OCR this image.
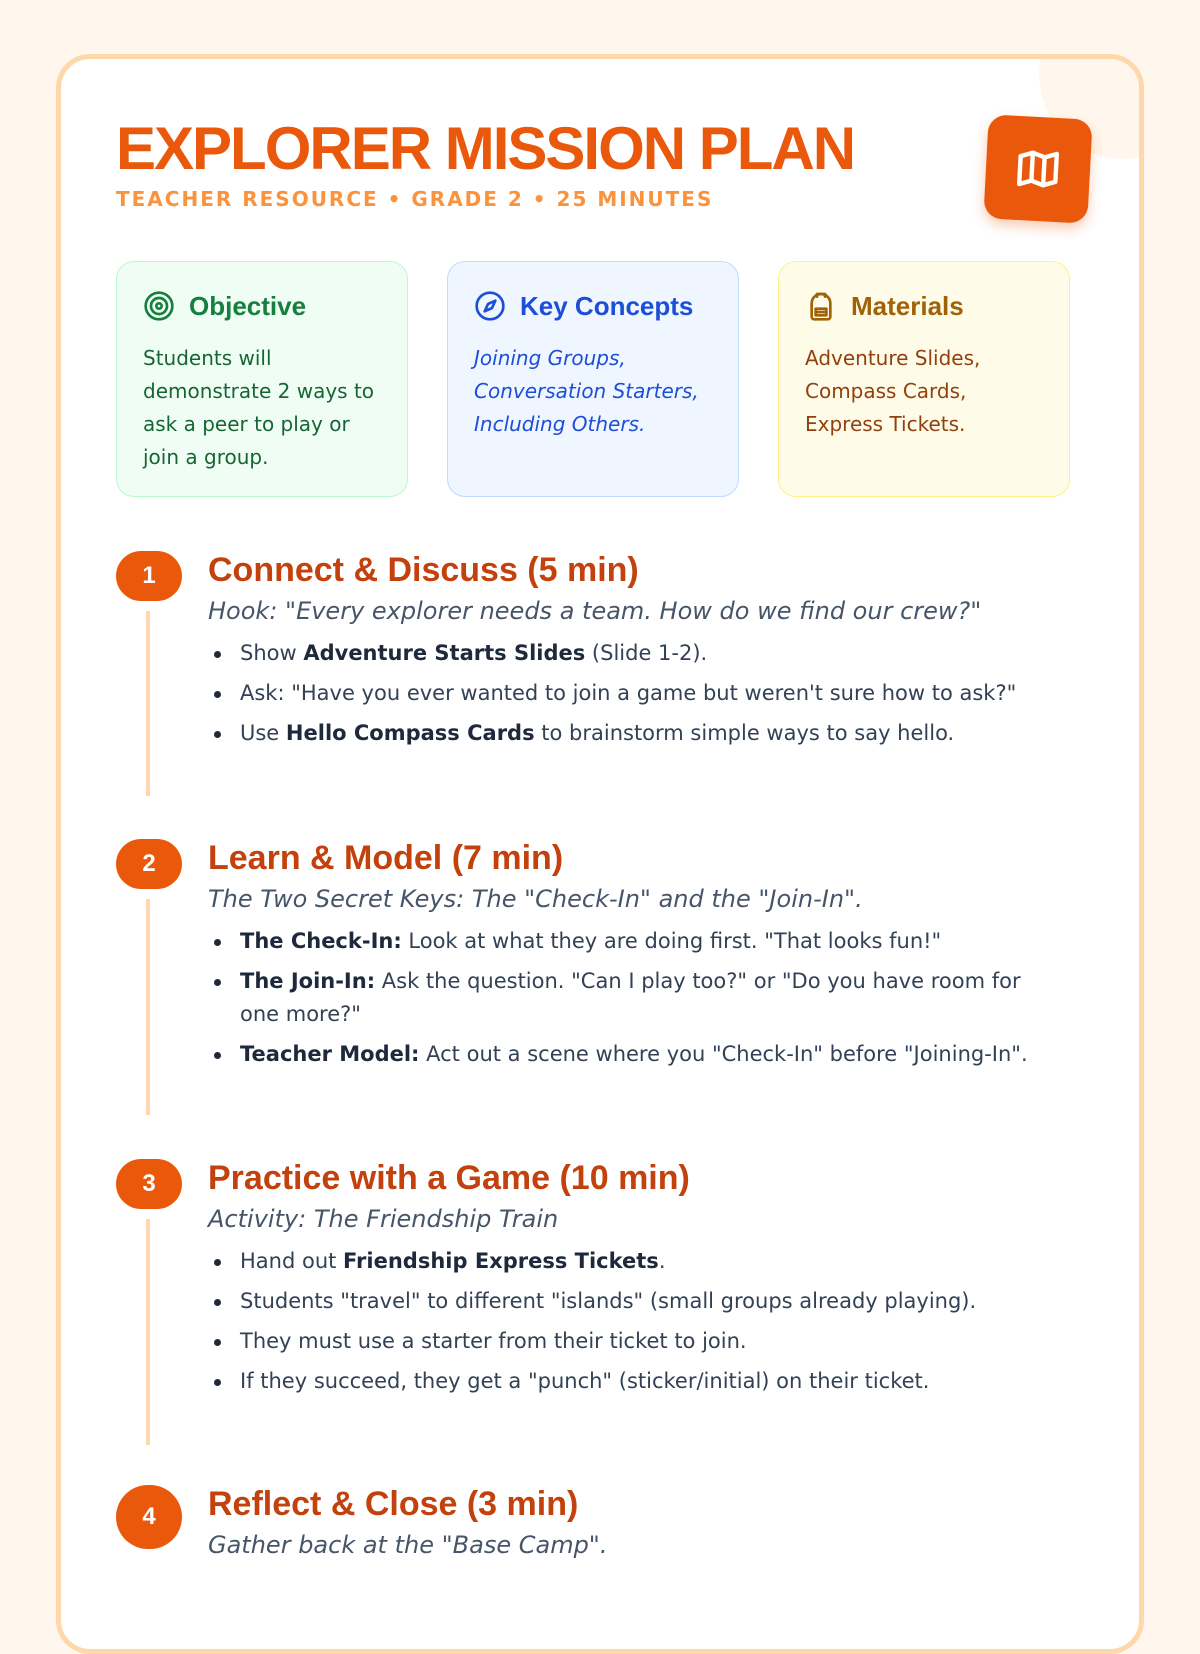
EXPLORER MISSION PLAN
TEACHER RESOURCE • GRADE 2 • 25 MINUTES
Objective
Students will demonstrate 2 ways to ask a peer to play or join a group.
Key Concepts
Joining Groups, Conversation Starters, Including Others.
Materials
Adventure Slides, Compass Cards, Express Tickets.
1	Connect & Discuss (5 min)
Hook: "Every explorer needs a team. How do we find our crew?"
Show Adventure Starts Slides (Slide 1-2).
Ask: "Have you ever wanted to join a game but weren't sure how to ask?"
Use Hello Compass Cards to brainstorm simple ways to say hello.
2	Learn & Model (7 min)
The Two Secret Keys: The "Check-In" and the "Join-In".
The Check-In: Look at what they are doing first. "That looks fun!"
The Join-In: Ask the question. "Can I play too?" or "Do you have room for one more?"
Teacher Model: Act out a scene where you "Check-In" before "Joining-In".
3	Practice with a Game (10 min)
Activity: The Friendship Train
Hand out Friendship Express Tickets.
Students "travel" to different "islands" (small groups already playing).
They must use a starter from their ticket to join.
If they succeed, they get a "punch" (sticker/initial) on their ticket.
4	Reflect & Close (3 min)
Gather back at the "Base Camp".
